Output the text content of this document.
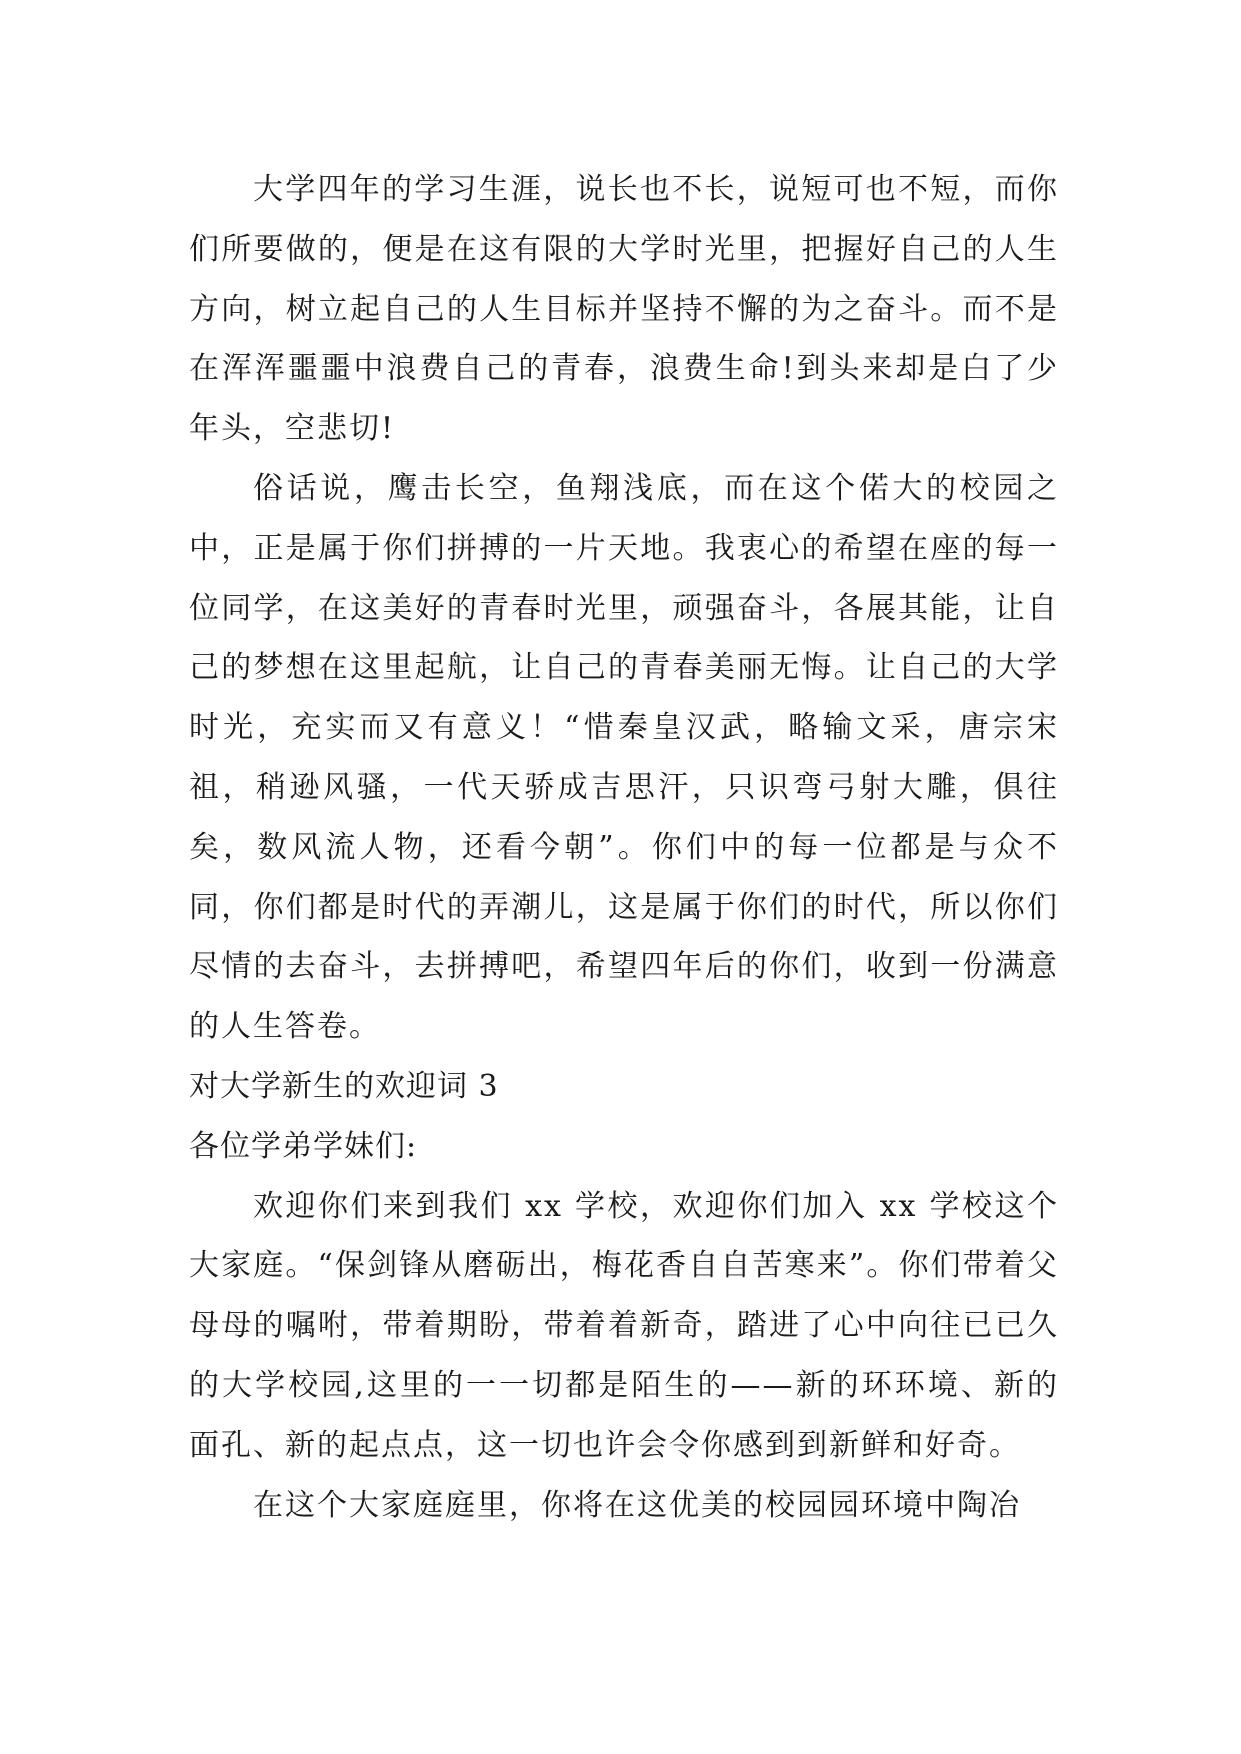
大学四年的学习生涯，说长也不长，说短可也不短，而你们所要做的，便是在这有限的大学时光里，把握好自己的人生方向，树立起自己的人生目标并坚持不懈的为之奋斗。而不是在浑浑噩噩中浪费自己的青春，浪费生命!到头来却是白了少年头，空悲切!

俗话说，鹰击长空，鱼翔浅底，而在这个偌大的校园之中，正是属于你们拼搏的一片天地。我衷心的希望在座的每一位同学，在这美好的青春时光里，顽强奋斗，各展其能，让自己的梦想在这里起航，让自己的青春美丽无悔。让自己的大学时光，充实而又有意义！“惜秦皇汉武，略输文采，唐宗宋祖，稍逊风骚，一代天骄成吉思汗，只识弯弓射大雕，俱往矣，数风流人物，还看今朝”。你们中的每一位都是与众不同，你们都是时代的弄潮儿，这是属于你们的时代，所以你们尽情的去奋斗，去拼搏吧，希望四年后的你们，收到一份满意的人生答卷。

对大学新生的欢迎词 3

各位学弟学妹们:

欢迎你们来到我们 xx 学校，欢迎你们加入 xx 学校这个大家庭。“保剑锋从磨砺出，梅花香自自苦寒来”。你们带着父母母的嘱咐，带着期盼，带着着新奇，踏进了心中向往已已久的大学校园,这里的一一切都是陌生的——新的环环境、新的面孔、新的起点点，这一切也许会令你感到到新鲜和好奇。

在这个大家庭庭里，你将在这优美的校园园环境中陶冶
